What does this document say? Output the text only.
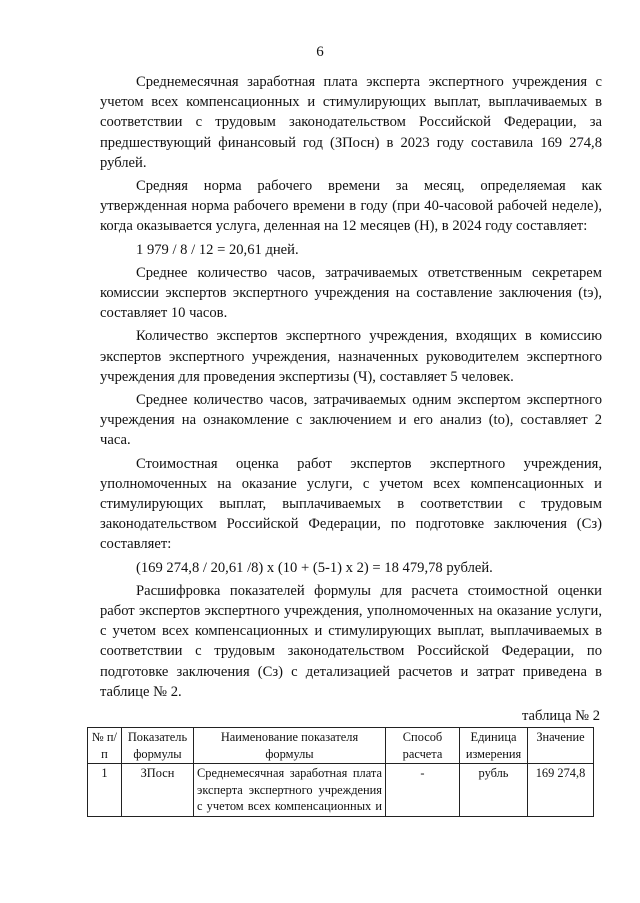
6

Среднемесячная заработная плата эксперта экспертного учреждения с учетом всех компенсационных и стимулирующих выплат, выплачиваемых в соответствии с трудовым законодательством Российской Федерации, за предшествующий финансовый год (ЗПосн) в 2023 году составила 169 274,8 рублей.

Средняя норма рабочего времени за месяц, определяемая как утвержденная норма рабочего времени в году (при 40-часовой рабочей неделе), когда оказывается услуга, деленная на 12 месяцев (Н), в 2024 году составляет:

1 979 / 8 / 12 = 20,61 дней.

Среднее количество часов, затрачиваемых ответственным секретарем комиссии экспертов экспертного учреждения на составление заключения (tэ), составляет 10 часов.

Количество экспертов экспертного учреждения, входящих в комиссию экспертов экспертного учреждения, назначенных руководителем экспертного учреждения для проведения экспертизы (Ч), составляет 5 человек.

Среднее количество часов, затрачиваемых одним экспертом экспертного учреждения на ознакомление с заключением и его анализ (tо), составляет 2 часа.

Стоимостная оценка работ экспертов экспертного учреждения, уполномоченных на оказание услуги, с учетом всех компенсационных и стимулирующих выплат, выплачиваемых в соответствии с трудовым законодательством Российской Федерации, по подготовке заключения (Сз) составляет:

(169 274,8 / 20,61 /8) х (10 + (5-1) х 2) = 18 479,78 рублей.

Расшифровка показателей формулы для расчета стоимостной оценки работ экспертов экспертного учреждения, уполномоченных на оказание услуги, с учетом всех компенсационных и стимулирующих выплат, выплачиваемых в соответствии с трудовым законодательством Российской Федерации, по подготовке заключения (Сз) с детализацией расчетов и затрат приведена в таблице № 2.

таблица № 2
№ п/п	Показатель формулы	Наименование показателя формулы	Способ расчета	Единица измерения	Значение
1	ЗПосн	Среднемесячная заработная плата эксперта экспертного учреждения с учетом всех компенсационных и	-	рубль	169 274,8
